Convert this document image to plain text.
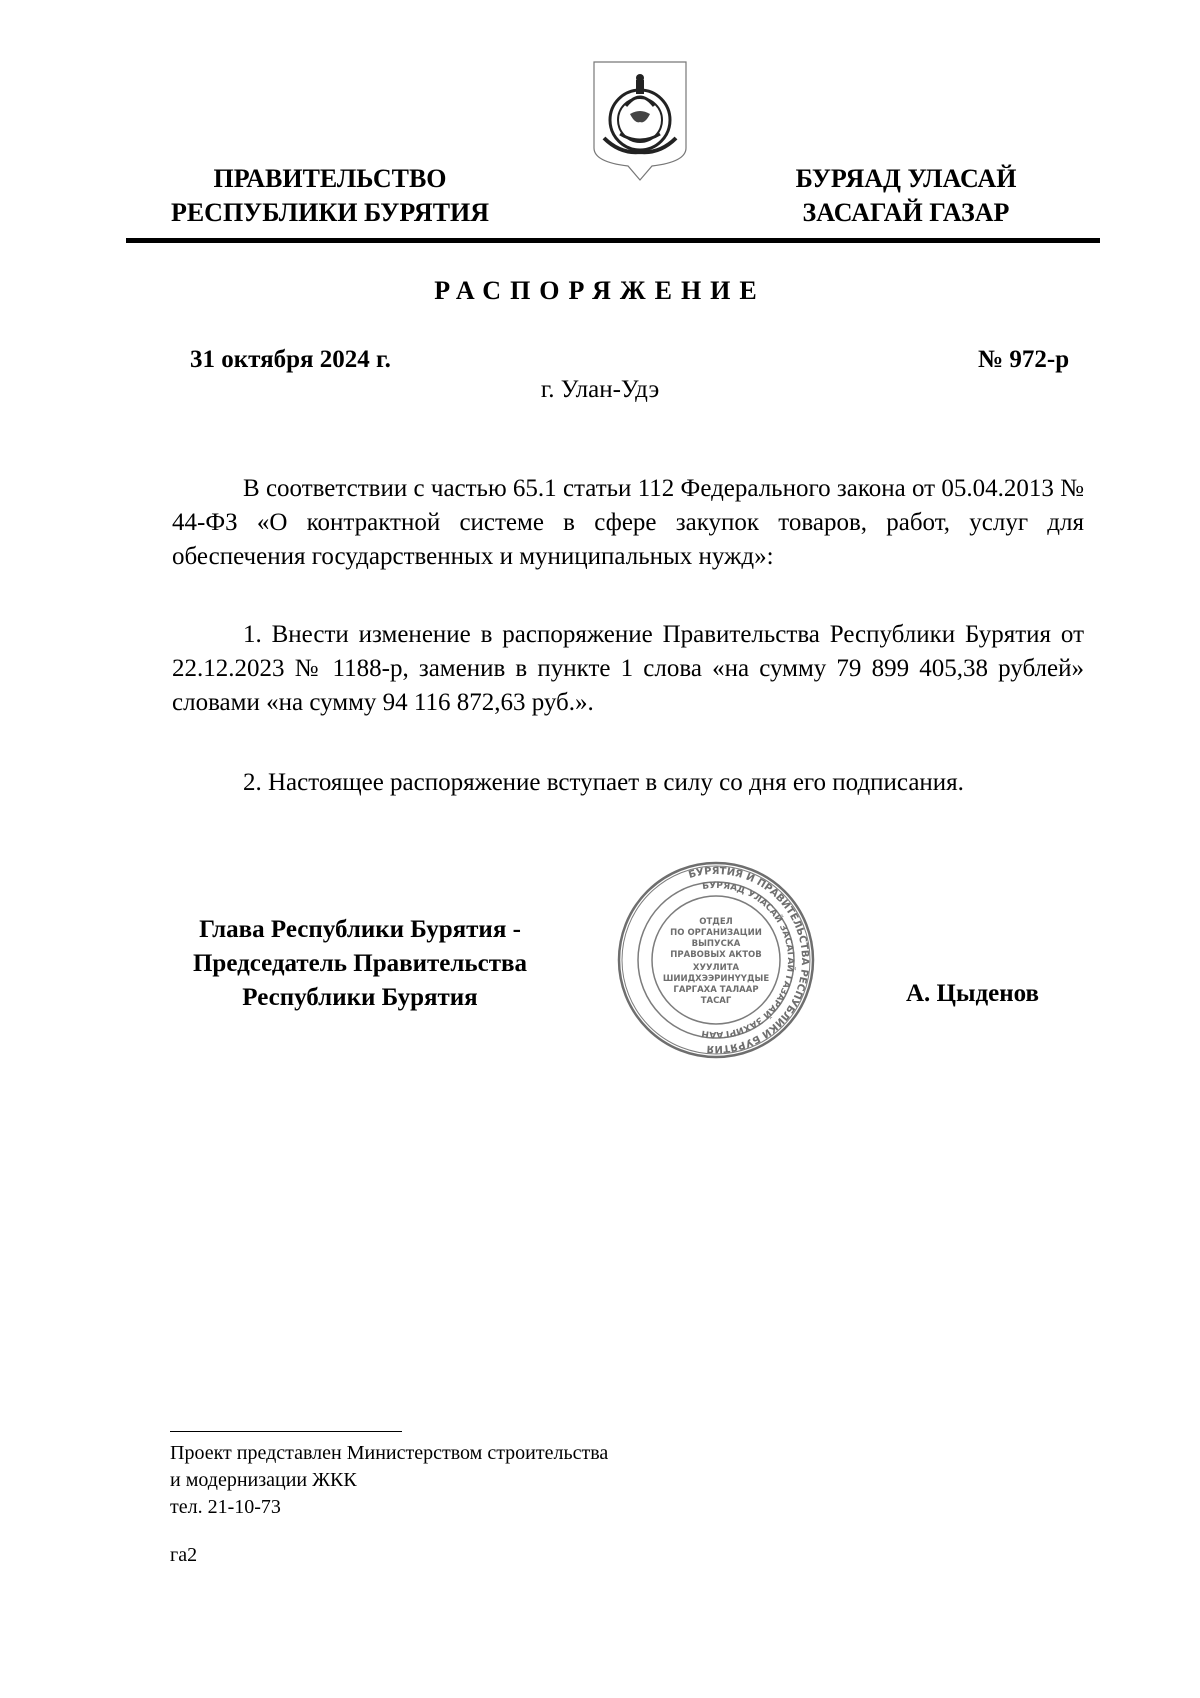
ПРАВИТЕЛЬСТВО
РЕСПУБЛИКИ БУРЯТИЯ
БУРЯАД УЛАСАЙ
ЗАСАГАЙ ГАЗАР
РАСПОРЯЖЕНИЕ
31 октября 2024 г.	№ 972-р
г. Улан-Удэ
В соответствии с частью 65.1 статьи 112 Федерального закона от 05.04.2013 № 44-ФЗ «О контрактной системе в сфере закупок товаров, работ, услуг для обеспечения государственных и муниципальных нужд»:
1. Внести изменение в распоряжение Правительства Республики Бурятия от 22.12.2023 № 1188-р, заменив в пункте 1 слова «на сумму 79 899 405,38 рублей» словами «на сумму 94 116 872,63 руб.».
2. Настоящее распоряжение вступает в силу со дня его подписания.
Глава Республики Бурятия -
Председатель Правительства
Республики Бурятия
БУРЯТИЯ И ПРАВИТЕЛЬСТВА РЕСПУБЛИКИ БУРЯТИЯ
БУРЯАД УЛАСАЙ ЗАСАГАЙ ГАЗАРАЙ ЗАХИРГААН
ОТДЕЛ
ПО ОРГАНИЗАЦИИ
ВЫПУСКА
ПРАВОВЫХ АКТОВ
ХУУЛИТА
ШИИДХЭЭРИНҮҮДЫЕ
ГАРГАХА ТАЛААР
ТАСАГ	А. Цыденов
Проект представлен Министерством строительства
и модернизации ЖКК
тел. 21-10-73
га2
